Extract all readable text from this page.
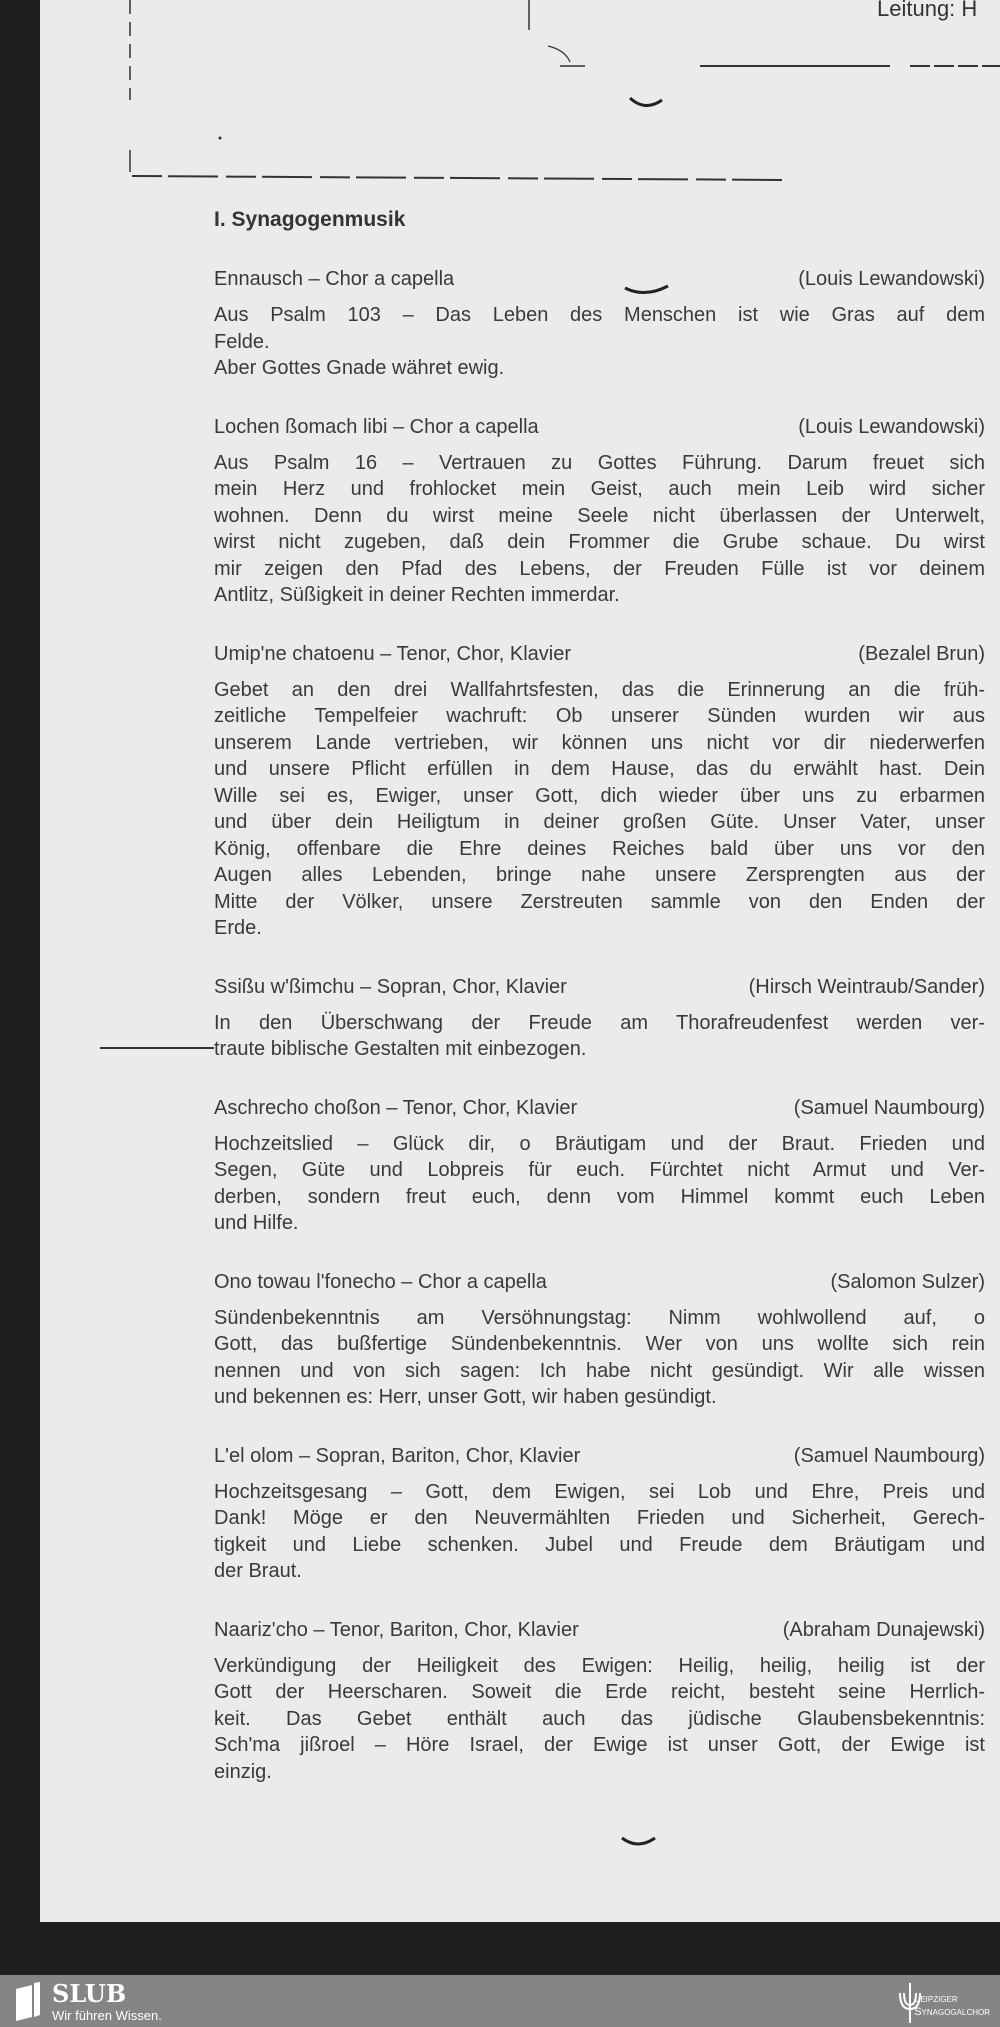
Leitung: H
I. Synagogenmusik
Ennausch – Chor a capella	(Louis Lewandowski)
Aus Psalm 103 – Das Leben des Menschen ist wie Gras auf dem
Felde.
Aber Gottes Gnade währet ewig.
Lochen ßomach libi – Chor a capella	(Louis Lewandowski)
Aus Psalm 16 – Vertrauen zu Gottes Führung. Darum freuet sich
mein Herz und frohlocket mein Geist, auch mein Leib wird sicher
wohnen. Denn du wirst meine Seele nicht überlassen der Unterwelt,
wirst nicht zugeben, daß dein Frommer die Grube schaue. Du wirst
mir zeigen den Pfad des Lebens, der Freuden Fülle ist vor deinem
Antlitz, Süßigkeit in deiner Rechten immerdar.
Umip'ne chatoenu – Tenor, Chor, Klavier	(Bezalel Brun)
Gebet an den drei Wallfahrtsfesten, das die Erinnerung an die früh-
zeitliche Tempelfeier wachruft: Ob unserer Sünden wurden wir aus
unserem Lande vertrieben, wir können uns nicht vor dir niederwerfen
und unsere Pflicht erfüllen in dem Hause, das du erwählt hast. Dein
Wille sei es, Ewiger, unser Gott, dich wieder über uns zu erbarmen
und über dein Heiligtum in deiner großen Güte. Unser Vater, unser
König, offenbare die Ehre deines Reiches bald über uns vor den
Augen alles Lebenden, bringe nahe unsere Zersprengten aus der
Mitte der Völker, unsere Zerstreuten sammle von den Enden der
Erde.
Ssißu w'ßimchu – Sopran, Chor, Klavier	(Hirsch Weintraub/Sander)
In den Überschwang der Freude am Thorafreudenfest werden ver-
traute biblische Gestalten mit einbezogen.
Aschrecho choßon – Tenor, Chor, Klavier	(Samuel Naumbourg)
Hochzeitslied – Glück dir, o Bräutigam und der Braut. Frieden und
Segen, Güte und Lobpreis für euch. Fürchtet nicht Armut und Ver-
derben, sondern freut euch, denn vom Himmel kommt euch Leben
und Hilfe.
Ono towau l'fonecho – Chor a capella	(Salomon Sulzer)
Sündenbekenntnis am Versöhnungstag: Nimm wohlwollend auf, o
Gott, das bußfertige Sündenbekenntnis. Wer von uns wollte sich rein
nennen und von sich sagen: Ich habe nicht gesündigt. Wir alle wissen
und bekennen es: Herr, unser Gott, wir haben gesündigt.
L'el olom – Sopran, Bariton, Chor, Klavier	(Samuel Naumbourg)
Hochzeitsgesang – Gott, dem Ewigen, sei Lob und Ehre, Preis und
Dank! Möge er den Neuvermählten Frieden und Sicherheit, Gerech-
tigkeit und Liebe schenken. Jubel und Freude dem Bräutigam und
der Braut.
Naariz'cho – Tenor, Bariton, Chor, Klavier	(Abraham Dunajewski)
Verkündigung der Heiligkeit des Ewigen: Heilig, heilig, heilig ist der
Gott der Heerscharen. Soweit die Erde reicht, besteht seine Herrlich-
keit. Das Gebet enthält auch das jüdische Glaubensbekenntnis:
Sch'ma jißroel – Höre Israel, der Ewige ist unser Gott, der Ewige ist
einzig.
SLUB
Wir führen Wissen.
Leipziger
Synagogalchor
